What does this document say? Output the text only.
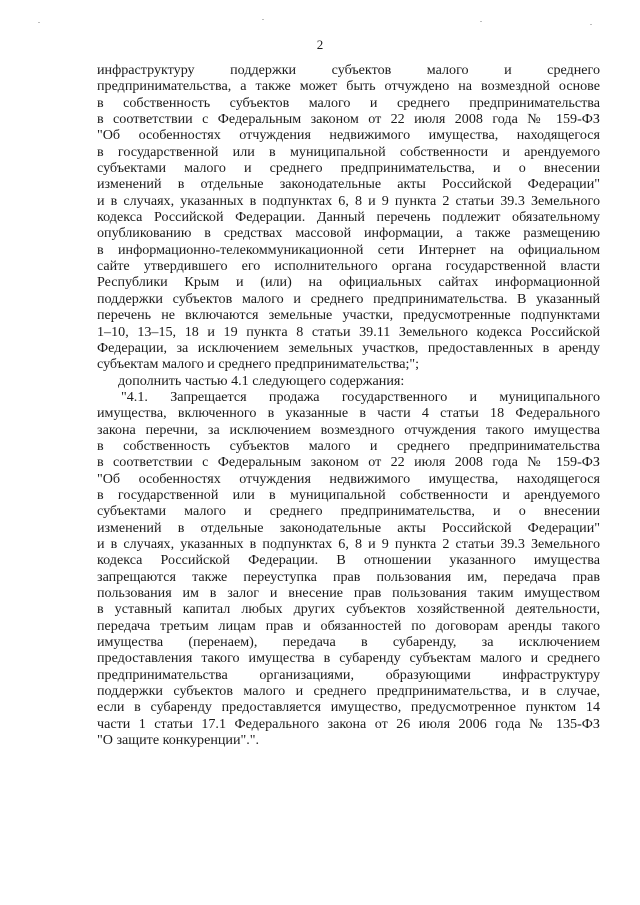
2
инфраструктуру поддержки субъектов малого и среднего
предпринимательства, а также может быть отчуждено на возмездной основе
в собственность субъектов малого и среднего предпринимательства
в соответствии с Федеральным законом от 22 июля 2008 года № 159-ФЗ
"Об особенностях отчуждения недвижимого имущества, находящегося
в государственной или в муниципальной собственности и арендуемого
субъектами малого и среднего предпринимательства, и о внесении
изменений в отдельные законодательные акты Российской Федерации"
и в случаях, указанных в подпунктах 6, 8 и 9 пункта 2 статьи 39.3 Земельного
кодекса Российской Федерации. Данный перечень подлежит обязательному
опубликованию в средствах массовой информации, а также размещению
в информационно-телекоммуникационной сети Интернет на официальном
сайте утвердившего его исполнительного органа государственной власти
Республики Крым и (или) на официальных сайтах информационной
поддержки субъектов малого и среднего предпринимательства. В указанный
перечень не включаются земельные участки, предусмотренные подпунктами
1–10, 13–15, 18 и 19 пункта 8 статьи 39.11 Земельного кодекса Российской
Федерации, за исключением земельных участков, предоставленных в аренду
субъектам малого и среднего предпринимательства;";
дополнить частью 4.1 следующего содержания:
"4.1. Запрещается продажа государственного и муниципального
имущества, включенного в указанные в части 4 статьи 18 Федерального
закона перечни, за исключением возмездного отчуждения такого имущества
в собственность субъектов малого и среднего предпринимательства
в соответствии с Федеральным законом от 22 июля 2008 года № 159-ФЗ
"Об особенностях отчуждения недвижимого имущества, находящегося
в государственной или в муниципальной собственности и арендуемого
субъектами малого и среднего предпринимательства, и о внесении
изменений в отдельные законодательные акты Российской Федерации"
и в случаях, указанных в подпунктах 6, 8 и 9 пункта 2 статьи 39.3 Земельного
кодекса Российской Федерации. В отношении указанного имущества
запрещаются также переуступка прав пользования им, передача прав
пользования им в залог и внесение прав пользования таким имуществом
в уставный капитал любых других субъектов хозяйственной деятельности,
передача третьим лицам прав и обязанностей по договорам аренды такого
имущества (перенаем), передача в субаренду, за исключением
предоставления такого имущества в субаренду субъектам малого и среднего
предпринимательства организациями, образующими инфраструктуру
поддержки субъектов малого и среднего предпринимательства, и в случае,
если в субаренду предоставляется имущество, предусмотренное пунктом 14
части 1 статьи 17.1 Федерального закона от 26 июля 2006 года № 135-ФЗ
"О защите конкуренции".".
